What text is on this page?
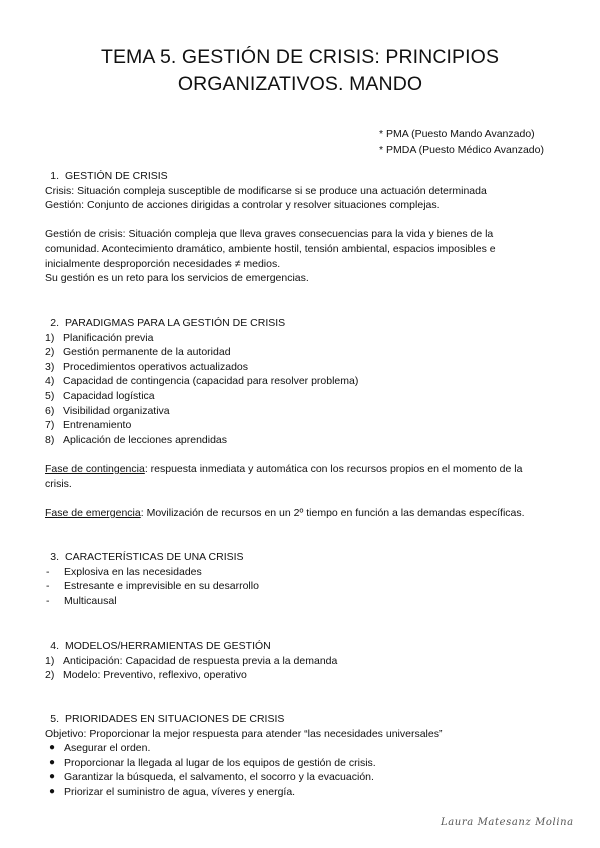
TEMA 5. GESTIÓN DE CRISIS: PRINCIPIOS
ORGANIZATIVOS. MANDO
* PMA (Puesto Mando Avanzado)
* PMDA (Puesto Médico Avanzado)
1. GESTIÓN DE CRISIS
Crisis: Situación compleja susceptible de modificarse si se produce una actuación determinada
Gestión: Conjunto de acciones dirigidas a controlar y resolver situaciones complejas.
Gestión de crisis: Situación compleja que lleva graves consecuencias para la vida y bienes de la
comunidad. Acontecimiento dramático, ambiente hostil, tensión ambiental, espacios imposibles e
inicialmente desproporción necesidades ≠ medios.
Su gestión es un reto para los servicios de emergencias.
2. PARADIGMAS PARA LA GESTIÓN DE CRISIS
1) Planificación previa
2) Gestión permanente de la autoridad
3) Procedimientos operativos actualizados
4) Capacidad de contingencia (capacidad para resolver problema)
5) Capacidad logística
6) Visibilidad organizativa
7) Entrenamiento
8) Aplicación de lecciones aprendidas
Fase de contingencia: respuesta inmediata y automática con los recursos propios en el momento de la
crisis.
Fase de emergencia: Movilización de recursos en un 2º tiempo en función a las demandas específicas.
3. CARACTERÍSTICAS DE UNA CRISIS
- Explosiva en las necesidades
- Estresante e imprevisible en su desarrollo
- Multicausal
4. MODELOS/HERRAMIENTAS DE GESTIÓN
1) Anticipación: Capacidad de respuesta previa a la demanda
2) Modelo: Preventivo, reflexivo, operativo
5. PRIORIDADES EN SITUACIONES DE CRISIS
Objetivo: Proporcionar la mejor respuesta para atender “las necesidades universales”
● Asegurar el orden.
● Proporcionar la llegada al lugar de los equipos de gestión de crisis.
● Garantizar la búsqueda, el salvamento, el socorro y la evacuación.
● Priorizar el suministro de agua, víveres y energía.
Laura Matesanz Molina
